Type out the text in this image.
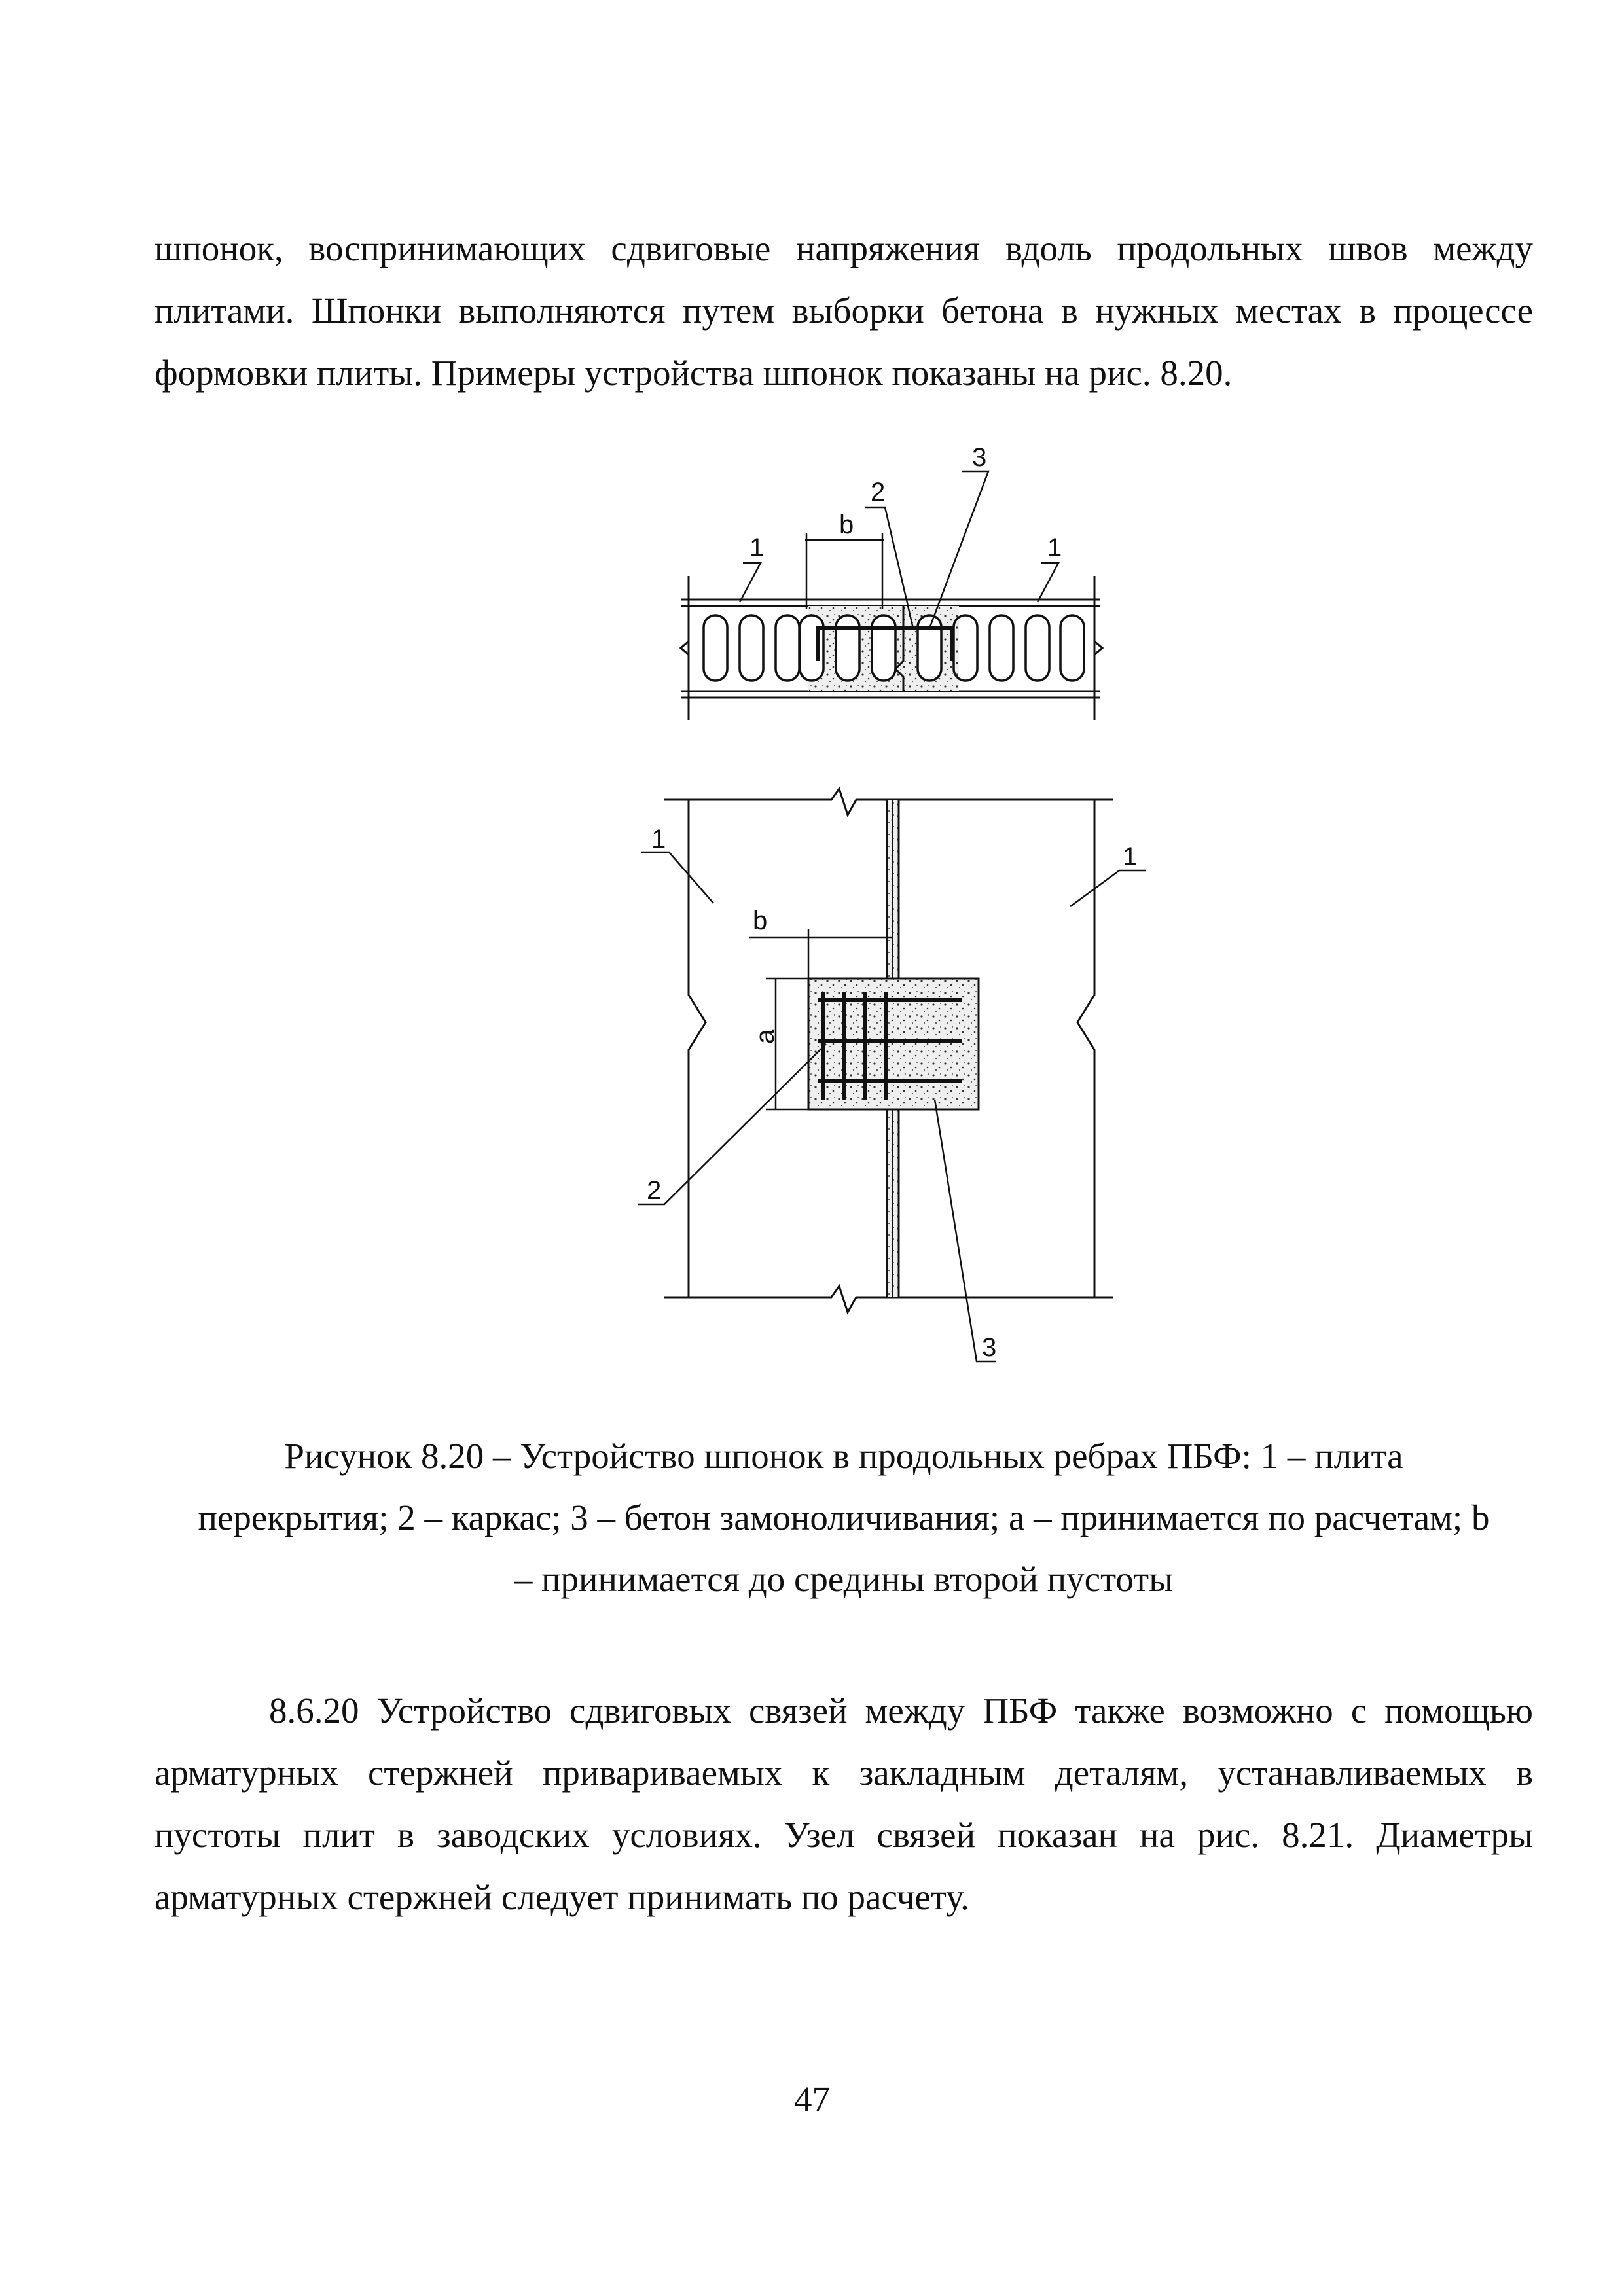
шпонок, воспринимающих сдвиговые напряжения вдоль продольных швов между
плитами. Шпонки выполняются путем выборки бетона в нужных местах в процессе
формовки плиты. Примеры устройства шпонок показаны на рис. 8.20.
1	1
2
3
b
1
1
2
3
b
a
Рисунок 8.20 – Устройство шпонок в продольных ребрах ПБФ: 1 – плита
перекрытия; 2 – каркас; 3 – бетон замоноличивания; а – принимается по расчетам; b
– принимается до средины второй пустоты
8.6.20 Устройство сдвиговых связей между ПБФ также возможно с помощью
арматурных стержней привариваемых к закладным деталям, устанавливаемых в
пустоты плит в заводских условиях. Узел связей показан на рис. 8.21. Диаметры
арматурных стержней следует принимать по расчету.
47
